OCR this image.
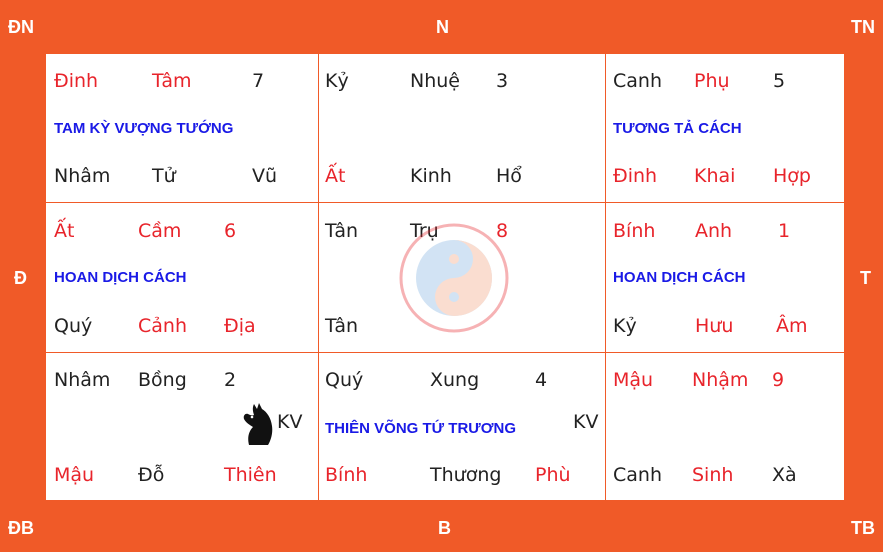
ĐN	N	TN
Đ	T
ĐB	B	TB
Đinh	Tâm	7
TAM KỲ VƯỢNG TƯỚNG
Nhâm Tử	Vũ
Kỷ	Nhuệ 3
Ất	Kinh Hổ
Canh Phụ 5
TƯƠNG TẢ CÁCH
Đinh Khai Hợp
Ất	Cầm 6
HOAN DỊCH CÁCH
Quý Cảnh Địa
Tân	Trụ	8
Tân
Bính Anh 1
HOAN DỊCH CÁCH
Kỷ	Hưu Âm
Nhâm Bồng 2
KV
Mậu Đỗ	Thiên
Quý	Xung	4
THIÊN VÕNG TỨ TRƯƠNG	KV
Bính	Thương Phù
Mậu Nhậm 9
Canh Sinh Xà
